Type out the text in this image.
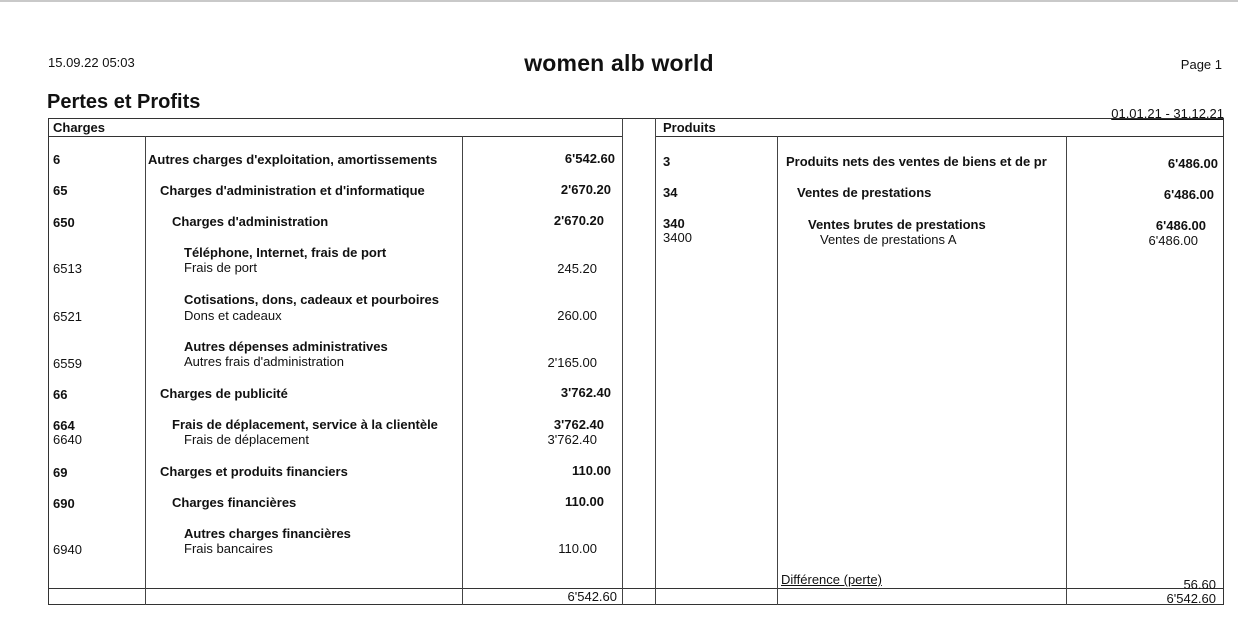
15.09.22 05:03	women alb world	Page 1
Pertes et Profits
01.01.21 - 31.12.21
Charges	Produits
6	Autres charges d'exploitation, amortissements	6'542.60
65	Charges d'administration et d'informatique	2'670.20
650	Charges d'administration	2'670.20
Téléphone, Internet, frais de port
6513	Frais de port	245.20
Cotisations, dons, cadeaux et pourboires
6521	Dons et cadeaux	260.00
Autres dépenses administratives
6559	Autres frais d'administration	2'165.00
66	Charges de publicité	3'762.40
664	Frais de déplacement, service à la clientèle	3'762.40
6640	Frais de déplacement	3'762.40
69	Charges et produits financiers	110.00
690	Charges financières	110.00
Autres charges financières
6940	Frais bancaires	110.00
6'542.60
3	Produits nets des ventes de biens et de pr	6'486.00
34	Ventes de prestations	6'486.00
340	Ventes brutes de prestations	6'486.00
3400	Ventes de prestations A	6'486.00
Différence (perte)	56.60
6'542.60
